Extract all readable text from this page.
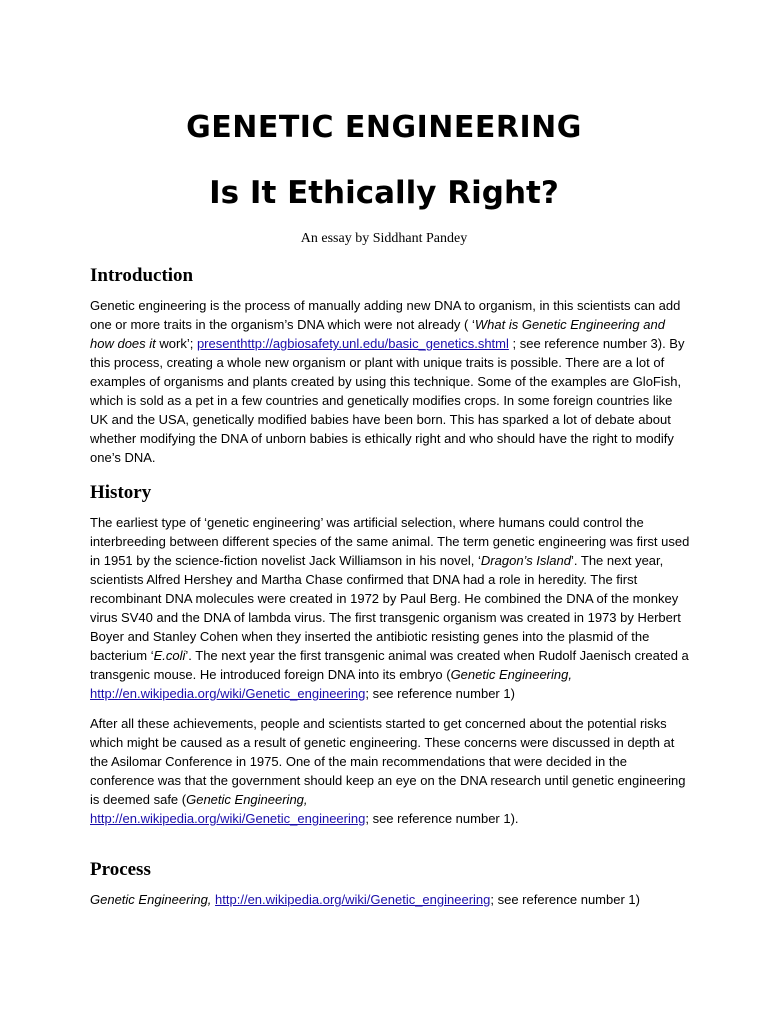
GENETIC ENGINEERING
Is It Ethically Right?

An essay by Siddhant Pandey

Introduction

Genetic engineering is the process of manually adding new DNA to organism, in this scientists can add one or more traits in the organism’s DNA which were not already ( ‘What is Genetic Engineering and how does it work’; presenthttp://agbiosafety.unl.edu/basic_genetics.shtml ; see reference number 3). By this process, creating a whole new organism or plant with unique traits is possible. There are a lot of examples of organisms and plants created by using this technique. Some of the examples are GloFish, which is sold as a pet in a few countries and genetically modifies crops. In some foreign countries like UK and the USA, genetically modified babies have been born. This has sparked a lot of debate about whether modifying the DNA of unborn babies is ethically right and who should have the right to modify one’s DNA.

History

The earliest type of ‘genetic engineering’ was artificial selection, where humans could control the interbreeding between different species of the same animal. The term genetic engineering was first used in 1951 by the science-fiction novelist Jack Williamson in his novel, ‘Dragon’s Island’. The next year, scientists Alfred Hershey and Martha Chase confirmed that DNA had a role in heredity. The first recombinant DNA molecules were created in 1972 by Paul Berg. He combined the DNA of the monkey virus SV40 and the DNA of lambda virus. The first transgenic organism was created in 1973 by Herbert Boyer and Stanley Cohen when they inserted the antibiotic resisting genes into the plasmid of the bacterium ‘E.coli’. The next year the first transgenic animal was created when Rudolf Jaenisch created a transgenic mouse. He introduced foreign DNA into its embryo (Genetic Engineering,
http://en.wikipedia.org/wiki/Genetic_engineering; see reference number 1)

After all these achievements, people and scientists started to get concerned about the potential risks which might be caused as a result of genetic engineering. These concerns were discussed in depth at the Asilomar Conference in 1975. One of the main recommendations that were decided in the conference was that the government should keep an eye on the DNA research until genetic engineering is deemed safe (Genetic Engineering,
http://en.wikipedia.org/wiki/Genetic_engineering; see reference number 1).

Process

Genetic Engineering, http://en.wikipedia.org/wiki/Genetic_engineering; see reference number 1)
